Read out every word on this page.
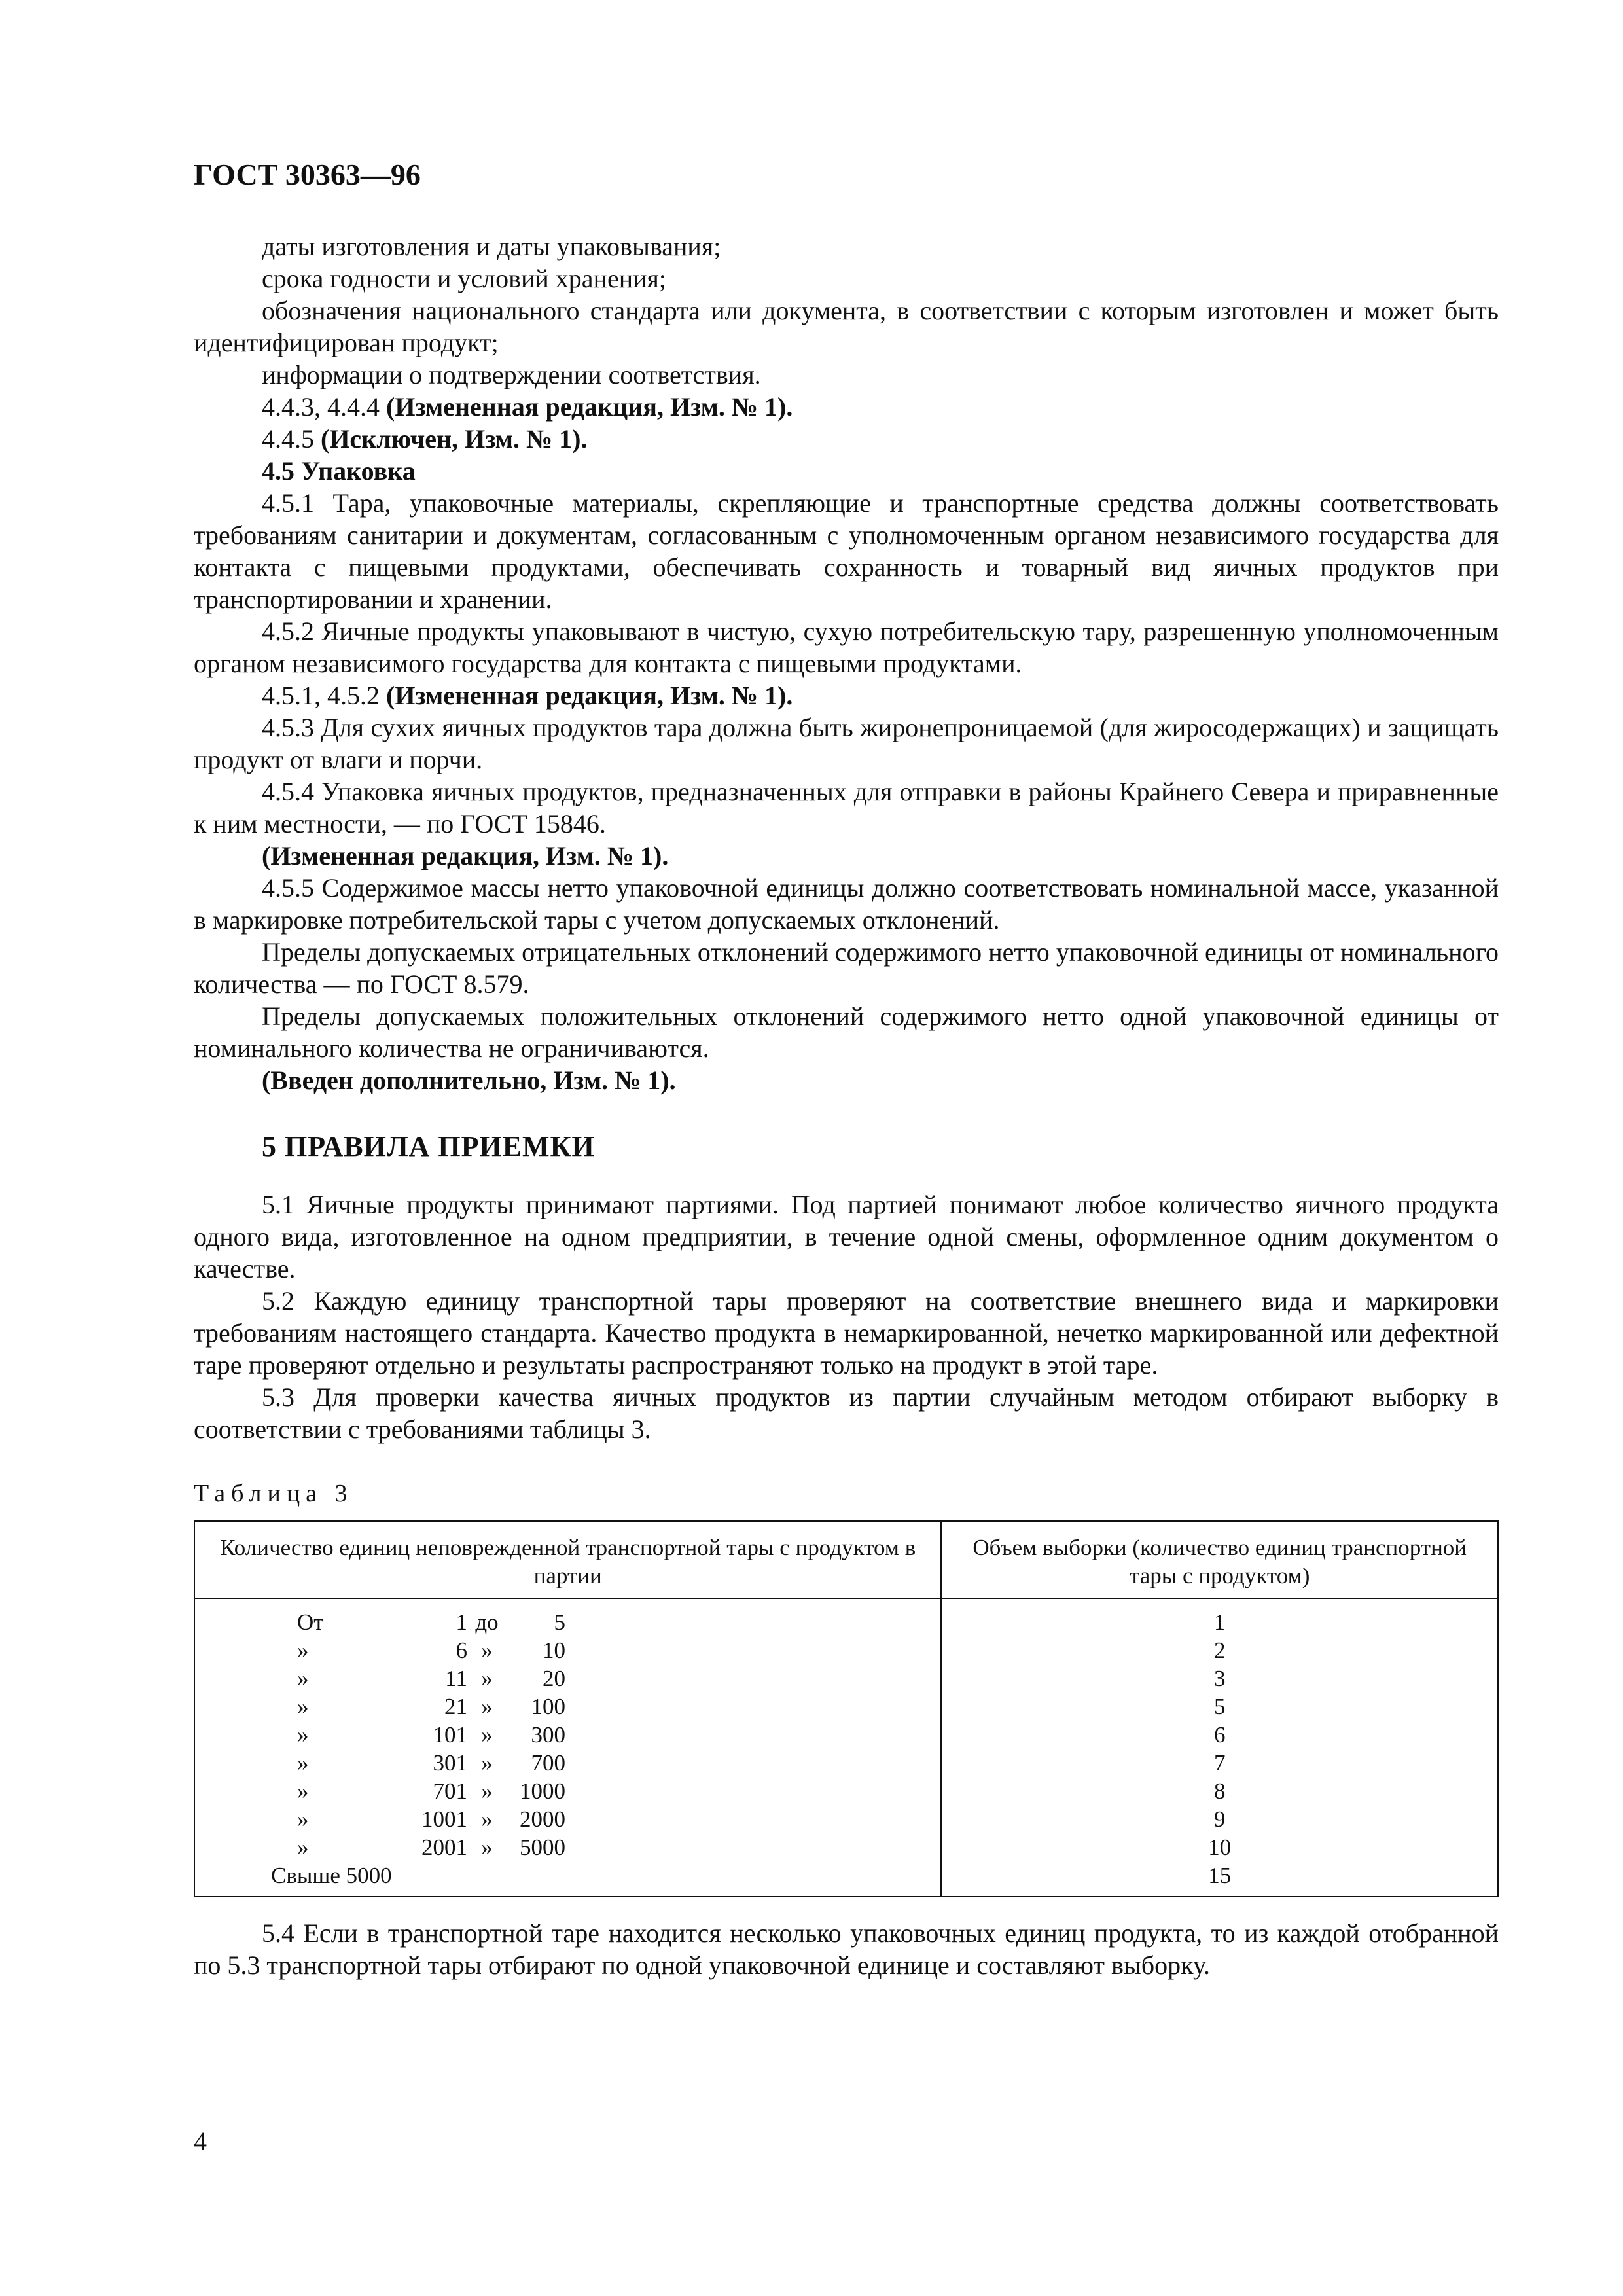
ГОСТ 30363—96

даты изготовления и даты упаковывания;

срока годности и условий хранения;

обозначения национального стандарта или документа, в соответствии с которым изготовлен и может быть идентифицирован продукт;

информации о подтверждении соответствия.

4.4.3, 4.4.4 (Измененная редакция, Изм. № 1).

4.4.5 (Исключен, Изм. № 1).

4.5 Упаковка

4.5.1 Тара, упаковочные материалы, скрепляющие и транспортные средства должны соответствовать требованиям санитарии и документам, согласованным с уполномоченным органом независимого государства для контакта с пищевыми продуктами, обеспечивать сохранность и товарный вид яичных продуктов при транспортировании и хранении.

4.5.2 Яичные продукты упаковывают в чистую, сухую потребительскую тару, разрешенную уполномоченным органом независимого государства для контакта с пищевыми продуктами.

4.5.1, 4.5.2 (Измененная редакция, Изм. № 1).

4.5.3 Для сухих яичных продуктов тара должна быть жиронепроницаемой (для жиросодержащих) и защищать продукт от влаги и порчи.

4.5.4 Упаковка яичных продуктов, предназначенных для отправки в районы Крайнего Севера и приравненные к ним местности, — по ГОСТ 15846.

(Измененная редакция, Изм. № 1).

4.5.5 Содержимое массы нетто упаковочной единицы должно соответствовать номинальной массе, указанной в маркировке потребительской тары с учетом допускаемых отклонений.

Пределы допускаемых отрицательных отклонений содержимого нетто упаковочной единицы от номинального количества — по ГОСТ 8.579.

Пределы допускаемых положительных отклонений содержимого нетто одной упаковочной единицы от номинального количества не ограничиваются.

(Введен дополнительно, Изм. № 1).

5 ПРАВИЛА ПРИЕМКИ

5.1 Яичные продукты принимают партиями. Под партией понимают любое количество яичного продукта одного вида, изготовленное на одном предприятии, в течение одной смены, оформленное одним документом о качестве.

5.2 Каждую единицу транспортной тары проверяют на соответствие внешнего вида и маркировки требованиям настоящего стандарта. Качество продукта в немаркированной, нечетко маркированной или дефектной таре проверяют отдельно и результаты распространяют только на продукт в этой таре.

5.3 Для проверки качества яичных продуктов из партии случайным методом отбирают выборку в соответствии с требованиями таблицы 3.

Таблица 3
Количество единиц неповрежденной транспортной тары с продуктом в партии	Объем выборки (количество единиц транспортной тары с продуктом)

От 1 до 5	1

» 6 » 10	2

» 11 » 20	3

» 21 » 100	5

» 101 » 300	6

» 301 » 700	7

» 701 » 1000	8

» 1001 » 2000	9

» 2001 » 5000	10

Свыше 5000	15

5.4 Если в транспортной таре находится несколько упаковочных единиц продукта, то из каждой отобранной по 5.3 транспортной тары отбирают по одной упаковочной единице и составляют выборку.

4
